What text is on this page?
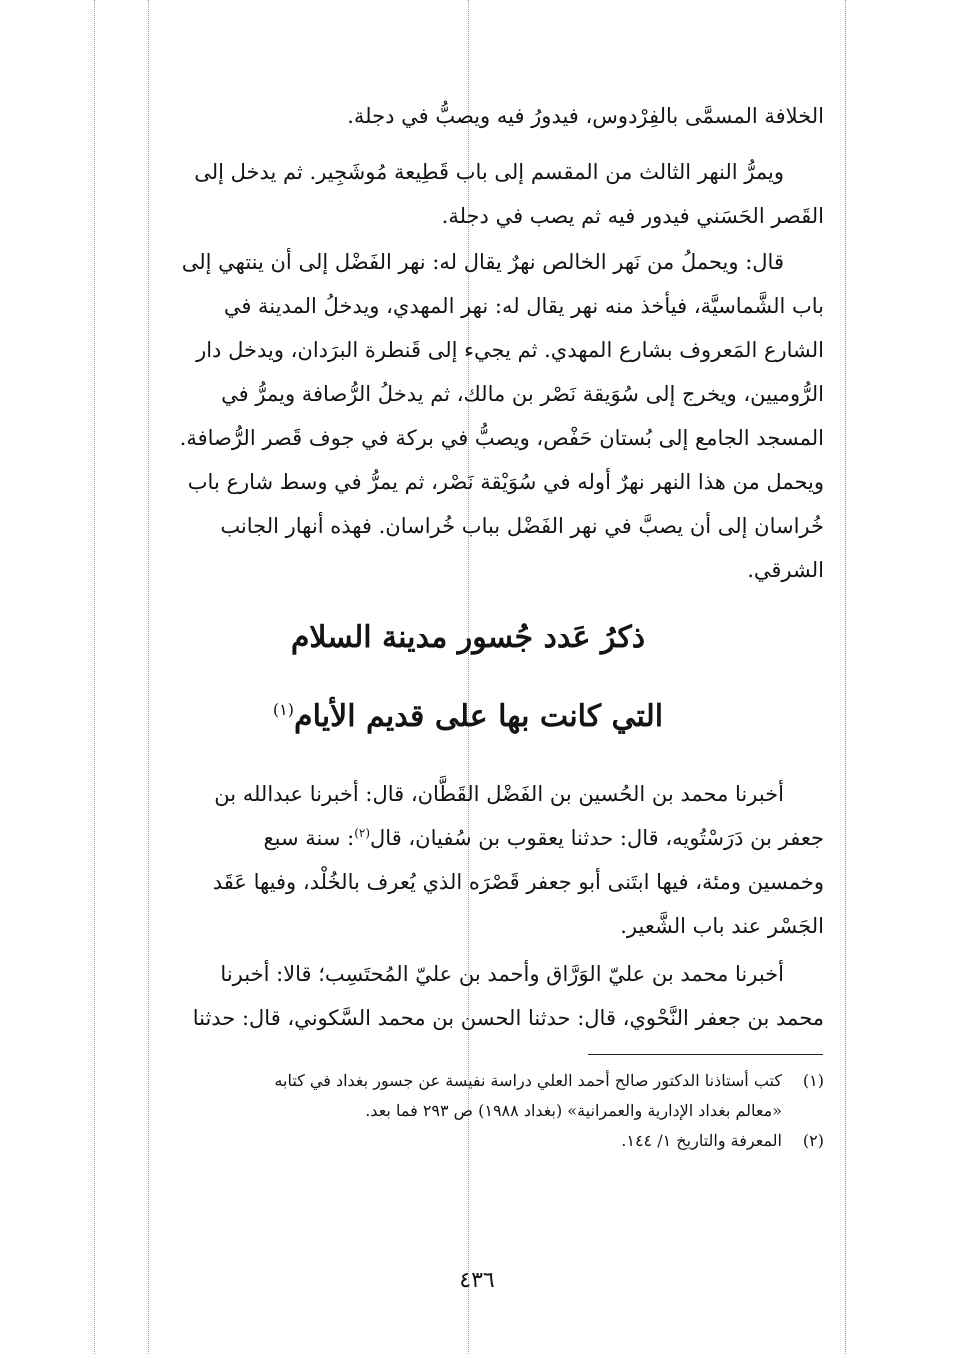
الخلافة المسمَّى بالفِرْدوس، فيدورُ فيه ويصبُّ في دجلة.

ويمرُّ النهر الثالث من المقسم إلى باب قَطِيعة مُوشَجِير. ثم يدخل إلى
القَصر الحَسَني فيدور فيه ثم يصب في دجلة.

قال: ويحملُ من نَهر الخالص نهرٌ يقال له: نهر الفَضْل إلى أن ينتهي إلى
باب الشَّماسيَّة، فيأخذ منه نهر يقال له: نهر المهدي، ويدخلُ المدينة في
الشارع المَعروف بشارع المهدي. ثم يجيء إلى قَنطرة البرَدان، ويدخل دار
الرُّوميين، ويخرج إلى سُوَيقة نَصْر بن مالك، ثم يدخلُ الرُّصافة ويمرُّ في
المسجد الجامع إلى بُستان حَفْص، ويصبُّ في بركة في جوف قَصر الرُّصافة.
ويحمل من هذا النهر نهرٌ أوله في سُوَيْقة نَصْر، ثم يمرُّ في وسط شارع باب
خُراسان إلى أن يصبَّ في نهر الفَضْل بباب خُراسان. فهذه أنهار الجانب
الشرقي.

ذكرُ عَدد جُسور مدينة السلام
التي كانت بها على قديم الأيام$^{(١)}$

أخبرنا محمد بن الحُسين بن الفَضْل القَطَّان، قال: أخبرنا عبدالله بن
جعفر بن دَرَسْتُويه، قال: حدثنا يعقوب بن سُفيان، قال$^{(٢)}$: سنة سبع
وخمسين ومئة، فيها ابتَنى أبو جعفر قَصْرَه الذي يُعرف بالخُلْد، وفيها عَقَد
الجَسْر عند باب الشَّعير.

أخبرنا محمد بن عليّ الوَرَّاق وأحمد بن عليّ المُحتَسِب؛ قالا: أخبرنا
محمد بن جعفر النَّحْوي، قال: حدثنا الحسن بن محمد السَّكوني، قال: حدثنا

(١)كتب أستاذنا الدكتور صالح أحمد العلي دراسة نفيسة عن جسور بغداد في كتابه
«معالم بغداد الإدارية والعمرانية» (بغداد ١٩٨٨) ص ٢٩٣ فما بعد.
(٢)المعرفة والتاريخ ١/ ١٤٤.
٤٣٦
